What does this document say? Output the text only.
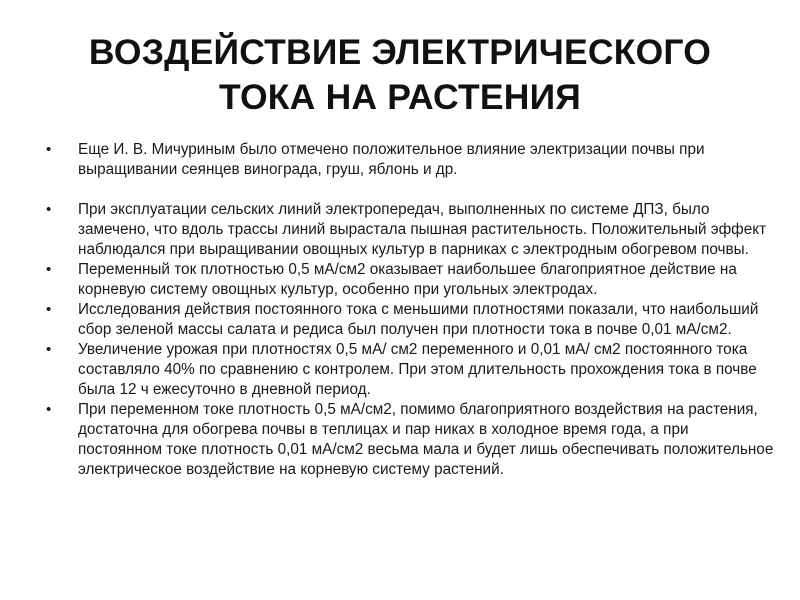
ВОЗДЕЙСТВИЕ ЭЛЕКТРИЧЕСКОГО
ТОКА НА РАСТЕНИЯ
•	Еще И. В. Мичуриным было отмечено положительное влияние электризации почвы при выращивании сеянцев винограда, груш, яблонь и др.
•	При эксплуатации сельских линий электропередач, выполненных по системе ДПЗ, было замечено, что вдоль трассы линий вырастала пышная растительность. Положительный эффект наблюдался при выращивании овощных культур в парниках с электродным обогревом почвы.
•	Переменный ток плотностью 0,5 мА/см2 оказывает наибольшее благоприятное действие на корневую систему овощных культур, особенно при угольных электродах.
•	Исследования действия постоянного тока с меньшими плотностями показали, что наибольший сбор зеленой массы салата и редиса был получен при плотности тока в почве 0,01 мА/см2.
•	Увеличение урожая при плотностях 0,5 мА/ см2 переменного и 0,01 мА/ см2 постоянного тока составляло 40% по сравнению с контролем. При этом длительность прохождения тока в почве была 12 ч ежесуточно в дневной период.
•	При переменном токе плотность 0,5 мА/см2, помимо благоприятного воздействия на растения, достаточна для обогрева почвы в теплицах и пар никах в холодное время года, а при постоянном токе плотность 0,01 мА/см2 весьма мала и будет лишь обеспечивать положительное электрическое воздействие на корневую систему растений.
